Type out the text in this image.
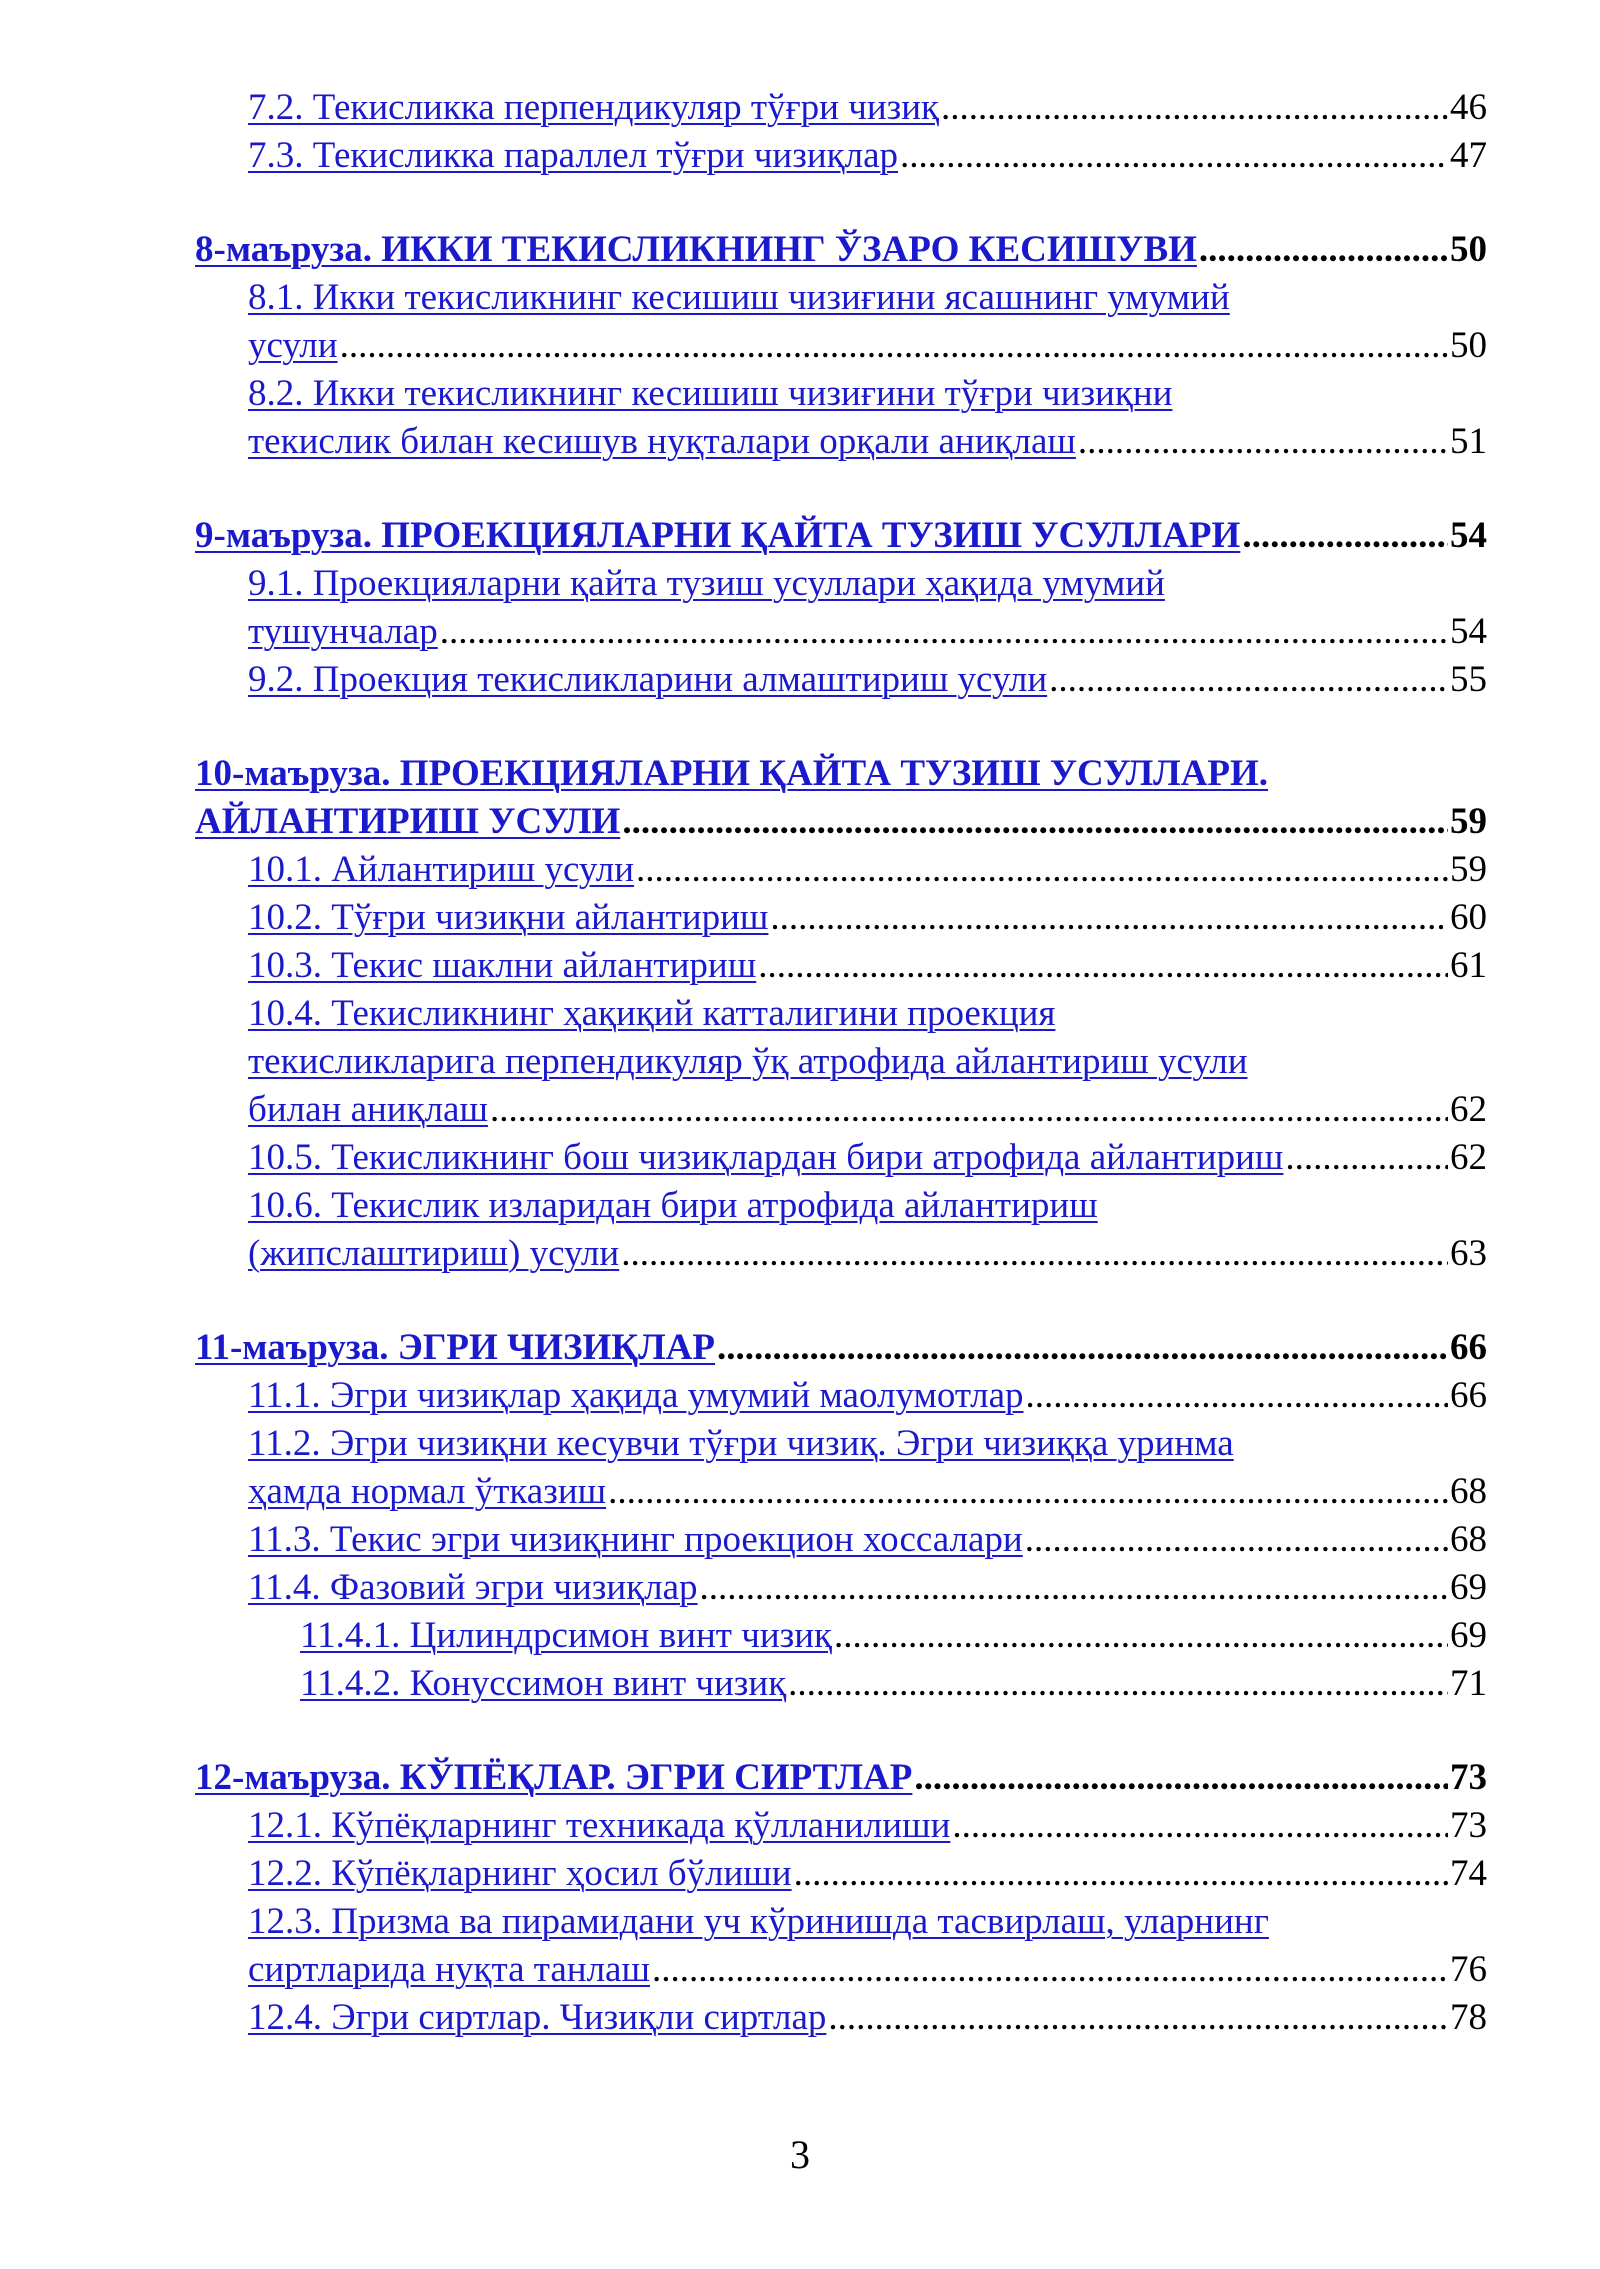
7.2. Текисликка перпендикуляр тўғри чизиқ .....	46
7.3. Текисликка параллел тўғри чизиқлар .....	47
8-маъруза. ИККИ ТЕКИСЛИКНИНГ ЎЗАРО КЕСИШУВИ .....	50
8.1. Икки текисликнинг кесишиш чизиғини ясашнинг умумий
усули .....	50
8.2. Икки текисликнинг кесишиш чизиғини тўғри чизиқни
текислик билан кесишув нуқталари орқали аниқлаш .....	51
9-маъруза. ПРОЕКЦИЯЛАРНИ ҚАЙТА ТУЗИШ УСУЛЛАРИ .....	54
9.1. Проекцияларни қайта тузиш усуллари ҳақида умумий
тушунчалар .....	54
9.2. Проекция текисликларини алмаштириш усули .....	55
10-маъруза. ПРОЕКЦИЯЛАРНИ ҚАЙТА ТУЗИШ УСУЛЛАРИ.
АЙЛАНТИРИШ УСУЛИ .....	59
10.1. Айлантириш усули .....	59
10.2. Тўғри чизиқни айлантириш .....	60
10.3. Текис шаклни айлантириш .....	61
10.4. Текисликнинг ҳақиқий катталигини проекция
текисликларига перпендикуляр ўқ атрофида айлантириш усули
билан аниқлаш .....	62
10.5. Текисликнинг бош чизиқлардан бири атрофида айлантириш .....	62
10.6. Текислик изларидан бири атрофида айлантириш
(жипслаштириш) усули .....	63
11-маъруза. ЭГРИ ЧИЗИҚЛАР .....	66
11.1. Эгри чизиқлар ҳақида умумий маолумотлар .....	66
11.2. Эгри чизиқни кесувчи тўғри чизиқ. Эгри чизиққа уринма
ҳамда нормал ўтказиш .....	68
11.3. Текис эгри чизиқнинг проекцион хоссалари .....	68
11.4. Фазовий эгри чизиқлар .....	69
11.4.1. Цилиндрсимон винт чизиқ .....	69
11.4.2. Конуссимон винт чизиқ .....	71
12-маъруза. КЎПЁҚЛАР. ЭГРИ СИРТЛАР .....	73
12.1. Кўпёқларнинг техникада қўлланилиши .....	73
12.2. Кўпёқларнинг ҳосил бўлиши .....	74
12.3. Призма ва пирамидани уч кўринишда тасвирлаш, уларнинг
сиртларида нуқта танлаш .....	76
12.4. Эгри сиртлар. Чизиқли сиртлар .....	78
3
